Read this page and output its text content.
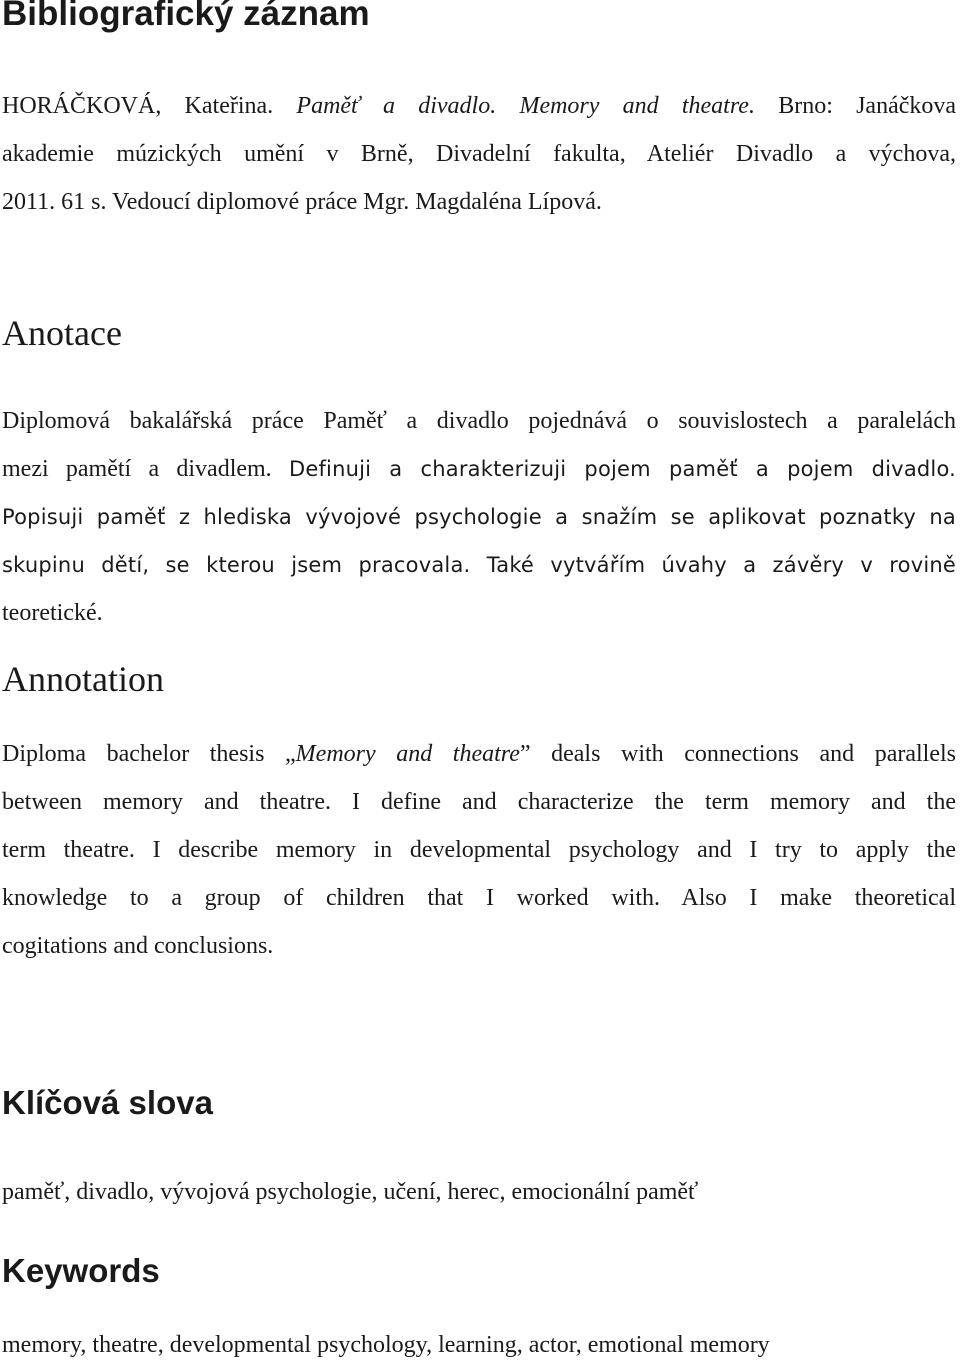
Bibliografický záznam
HORÁČKOVÁ, Kateřina. Paměť a divadlo. Memory and theatre. Brno: Janáčkova
akademie múzických umění v Brně, Divadelní fakulta, Ateliér Divadlo a výchova,
2011. 61 s. Vedoucí diplomové práce Mgr. Magdaléna Lípová.
Anotace
Diplomová bakalářská práce Paměť a divadlo pojednává o souvislostech a paralelách
mezi pamětí a divadlem. Definuji a charakterizuji pojem paměť a pojem divadlo.
Popisuji paměť z hlediska vývojové psychologie a snažím se aplikovat poznatky na
skupinu dětí, se kterou jsem pracovala. Také vytvářím úvahy a závěry v rovině
teoretické.
Annotation
Diploma bachelor thesis „Memory and theatre” deals with connections and parallels
between memory and theatre. I define and characterize the term memory and the
term theatre. I describe memory in developmental psychology and I try to apply the
knowledge to a group of children that I worked with. Also I make theoretical
cogitations and conclusions.
Klíčová slova

paměť, divadlo, vývojová psychologie, učení, herec, emocionální paměť

Keywords

memory, theatre, developmental psychology, learning, actor, emotional memory
